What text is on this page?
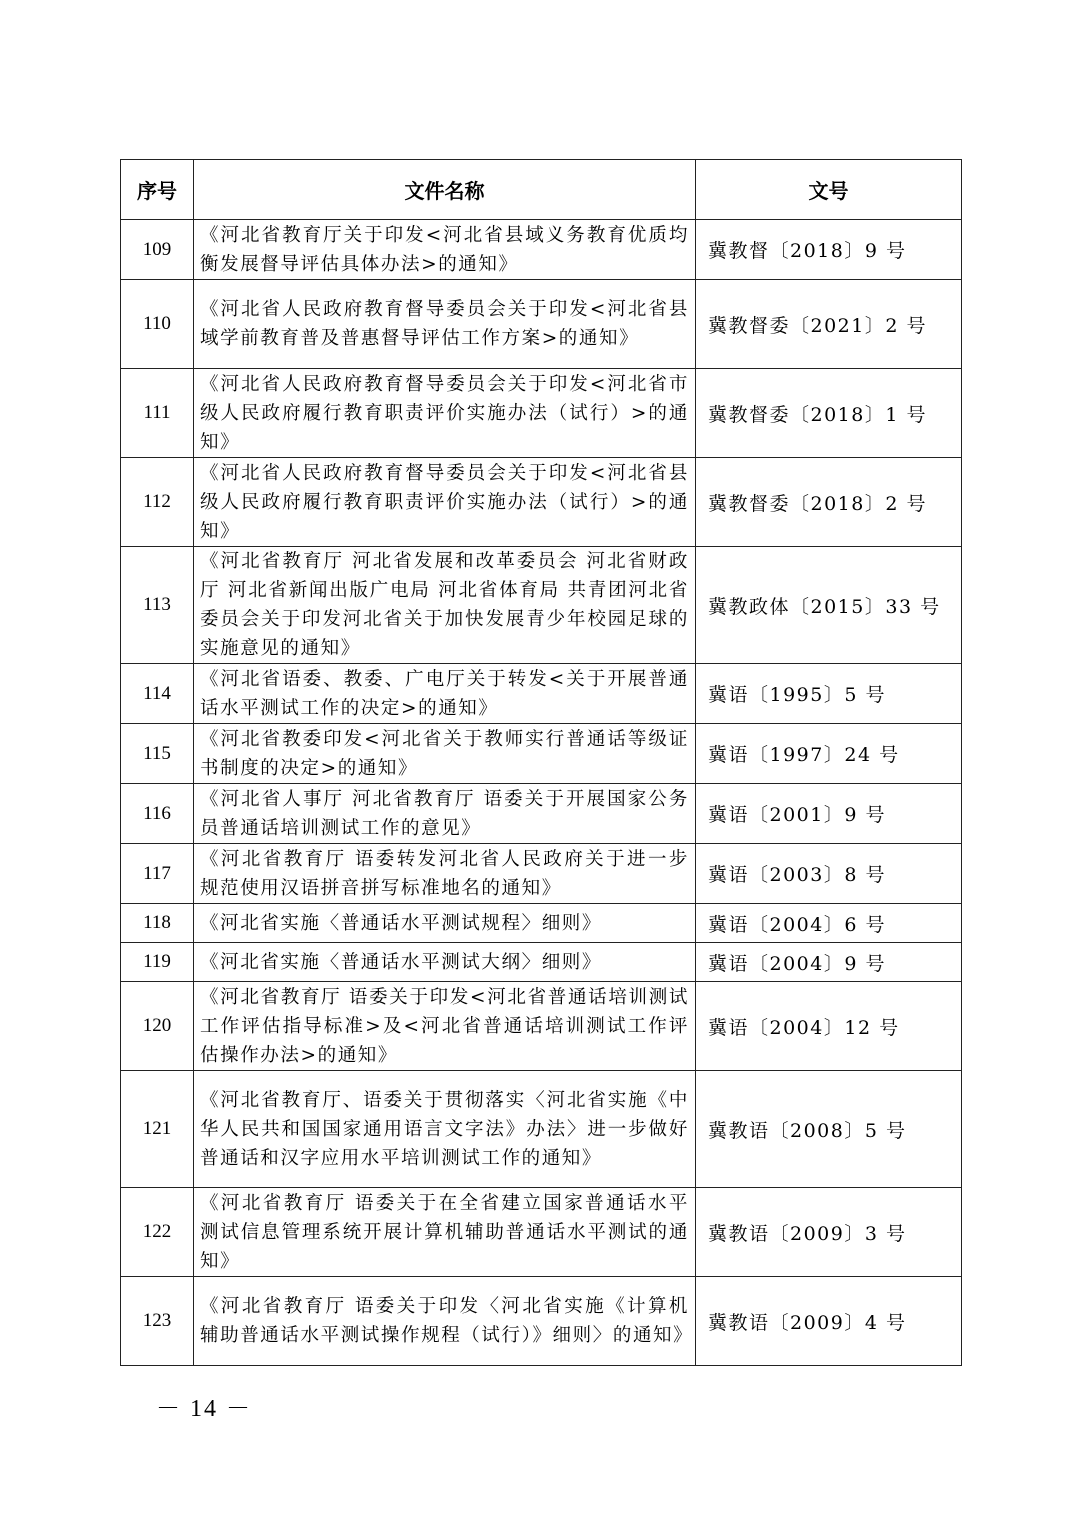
序号	文件名称	文号
109	《河北省教育厅关于印发<河北省县域义务教育优质均衡发展督导评估具体办法>的通知》	冀教督〔2018〕9 号
110	《河北省人民政府教育督导委员会关于印发<河北省县域学前教育普及普惠督导评估工作方案>的通知》	冀教督委〔2021〕2 号
111	《河北省人民政府教育督导委员会关于印发<河北省市级人民政府履行教育职责评价实施办法（试行）>的通知》	冀教督委〔2018〕1 号
112	《河北省人民政府教育督导委员会关于印发<河北省县级人民政府履行教育职责评价实施办法（试行）>的通知》	冀教督委〔2018〕2 号
113	《河北省教育厅 河北省发展和改革委员会 河北省财政厅 河北省新闻出版广电局 河北省体育局 共青团河北省委员会关于印发河北省关于加快发展青少年校园足球的实施意见的通知》	冀教政体〔2015〕33 号
114	《河北省语委、教委、广电厅关于转发<关于开展普通话水平测试工作的决定>的通知》	冀语〔1995〕5 号
115	《河北省教委印发<河北省关于教师实行普通话等级证书制度的决定>的通知》	冀语〔1997〕24 号
116	《河北省人事厅 河北省教育厅 语委关于开展国家公务员普通话培训测试工作的意见》	冀语〔2001〕9 号
117	《河北省教育厅 语委转发河北省人民政府关于进一步规范使用汉语拼音拼写标准地名的通知》	冀语〔2003〕8 号
118	《河北省实施〈普通话水平测试规程〉细则》	冀语〔2004〕6 号
119	《河北省实施〈普通话水平测试大纲〉细则》	冀语〔2004〕9 号
120	《河北省教育厅 语委关于印发<河北省普通话培训测试工作评估指导标准>及<河北省普通话培训测试工作评估操作办法>的通知》	冀语〔2004〕12 号
121	《河北省教育厅、语委关于贯彻落实〈河北省实施《中华人民共和国国家通用语言文字法》办法〉进一步做好普通话和汉字应用水平培训测试工作的通知》	冀教语〔2008〕5 号
122	《河北省教育厅 语委关于在全省建立国家普通话水平测试信息管理系统开展计算机辅助普通话水平测试的通知》	冀教语〔2009〕3 号
123	《河北省教育厅 语委关于印发〈河北省实施《计算机辅助普通话水平测试操作规程（试行）》细则〉的通知》	冀教语〔2009〕4 号
－ 14 －
